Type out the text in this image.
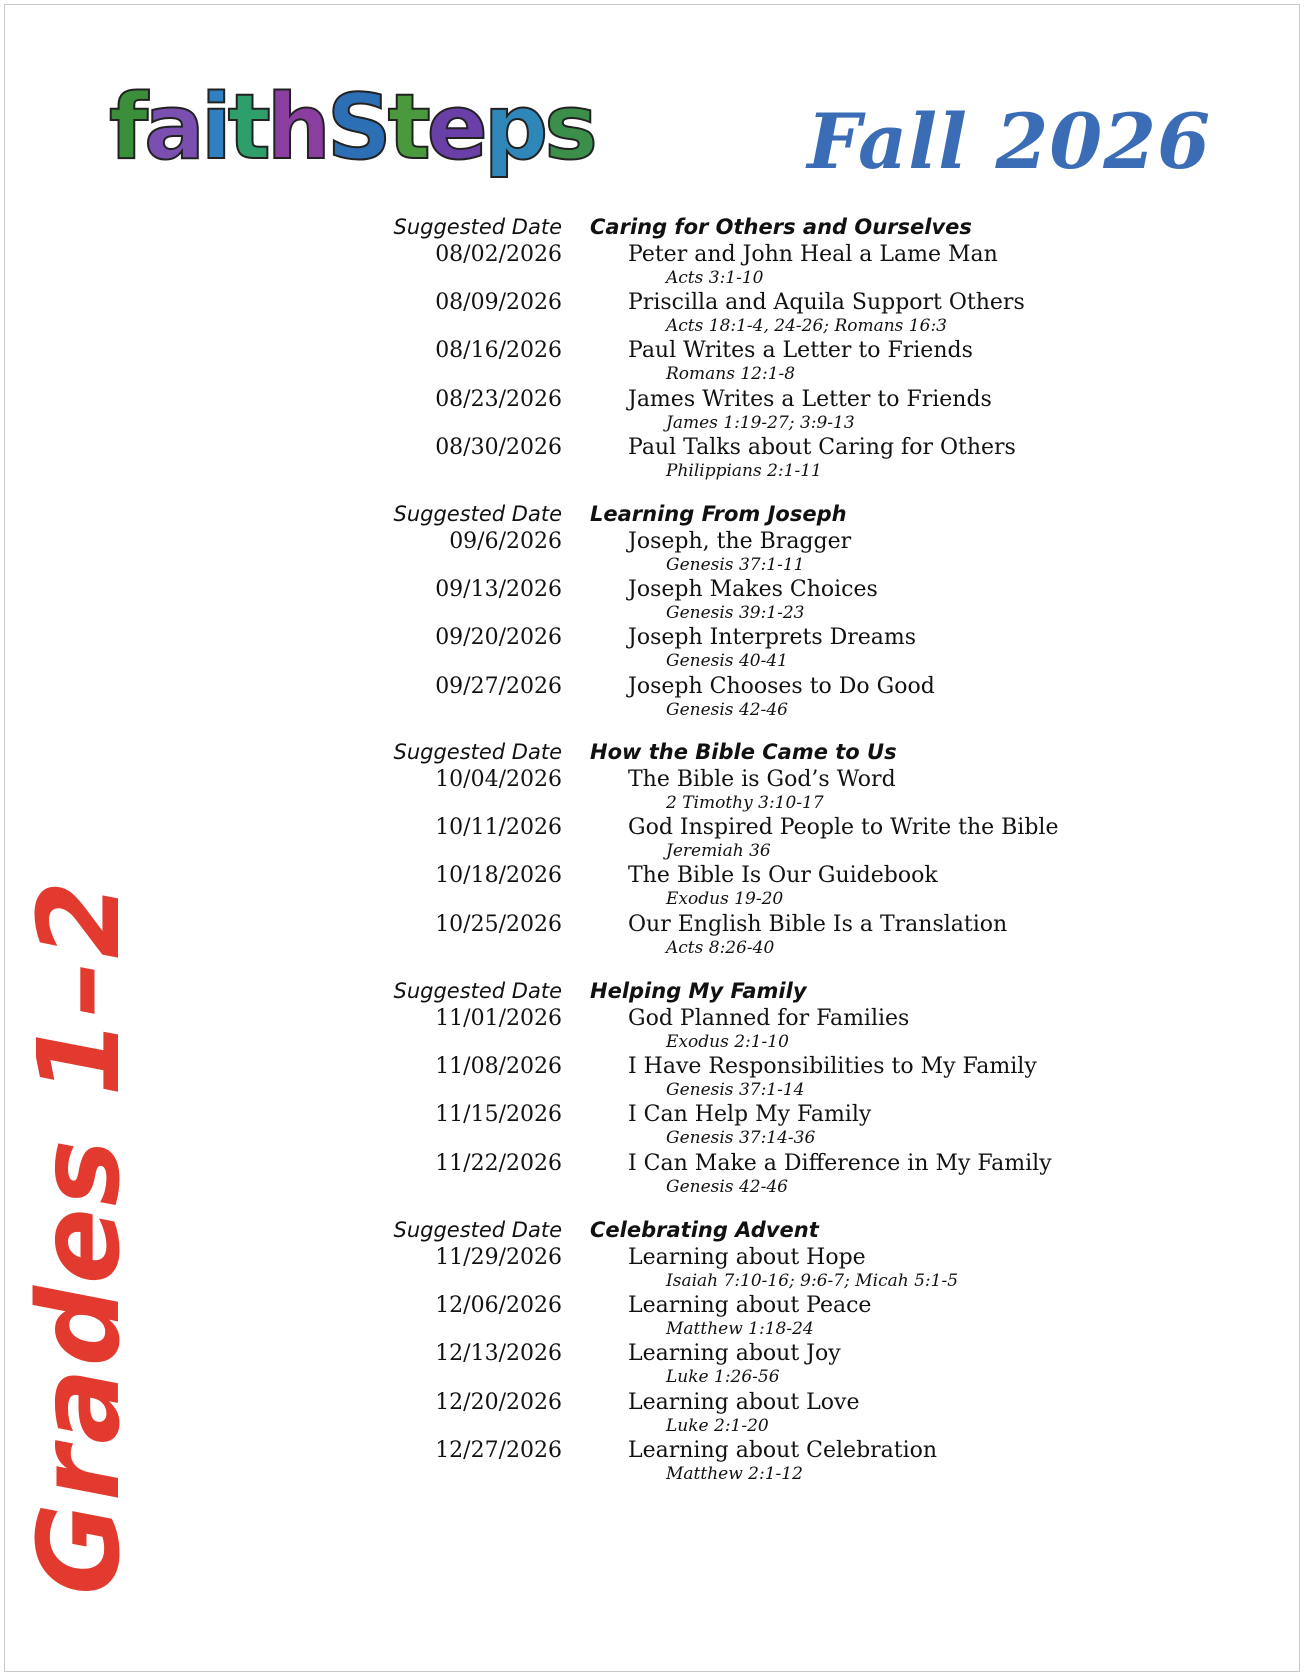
faithSteps	Fall 2026
Grades 1–2
Suggested Date Caring for Others and Ourselves
08/02/2026	Peter and John Heal a Lame Man
Acts 3:1-10
08/09/2026	Priscilla and Aquila Support Others
Acts 18:1-4, 24-26; Romans 16:3
08/16/2026	Paul Writes a Letter to Friends
Romans 12:1-8
08/23/2026	James Writes a Letter to Friends
James 1:19-27; 3:9-13
08/30/2026	Paul Talks about Caring for Others
Philippians 2:1-11
Suggested Date Learning From Joseph
09/6/2026	Joseph, the Bragger
Genesis 37:1-11
09/13/2026	Joseph Makes Choices
Genesis 39:1-23
09/20/2026	Joseph Interprets Dreams
Genesis 40-41
09/27/2026	Joseph Chooses to Do Good
Genesis 42-46
Suggested Date How the Bible Came to Us
10/04/2026	The Bible is God’s Word
2 Timothy 3:10-17
10/11/2026	God Inspired People to Write the Bible
Jeremiah 36
10/18/2026	The Bible Is Our Guidebook
Exodus 19-20
10/25/2026	Our English Bible Is a Translation
Acts 8:26-40
Suggested Date Helping My Family
11/01/2026	God Planned for Families
Exodus 2:1-10
11/08/2026	I Have Responsibilities to My Family
Genesis 37:1-14
11/15/2026	I Can Help My Family
Genesis 37:14-36
11/22/2026	I Can Make a Difference in My Family
Genesis 42-46
Suggested Date Celebrating Advent
11/29/2026	Learning about Hope
Isaiah 7:10-16; 9:6-7; Micah 5:1-5
12/06/2026	Learning about Peace
Matthew 1:18-24
12/13/2026	Learning about Joy
Luke 1:26-56
12/20/2026	Learning about Love
Luke 2:1-20
12/27/2026	Learning about Celebration
Matthew 2:1-12
